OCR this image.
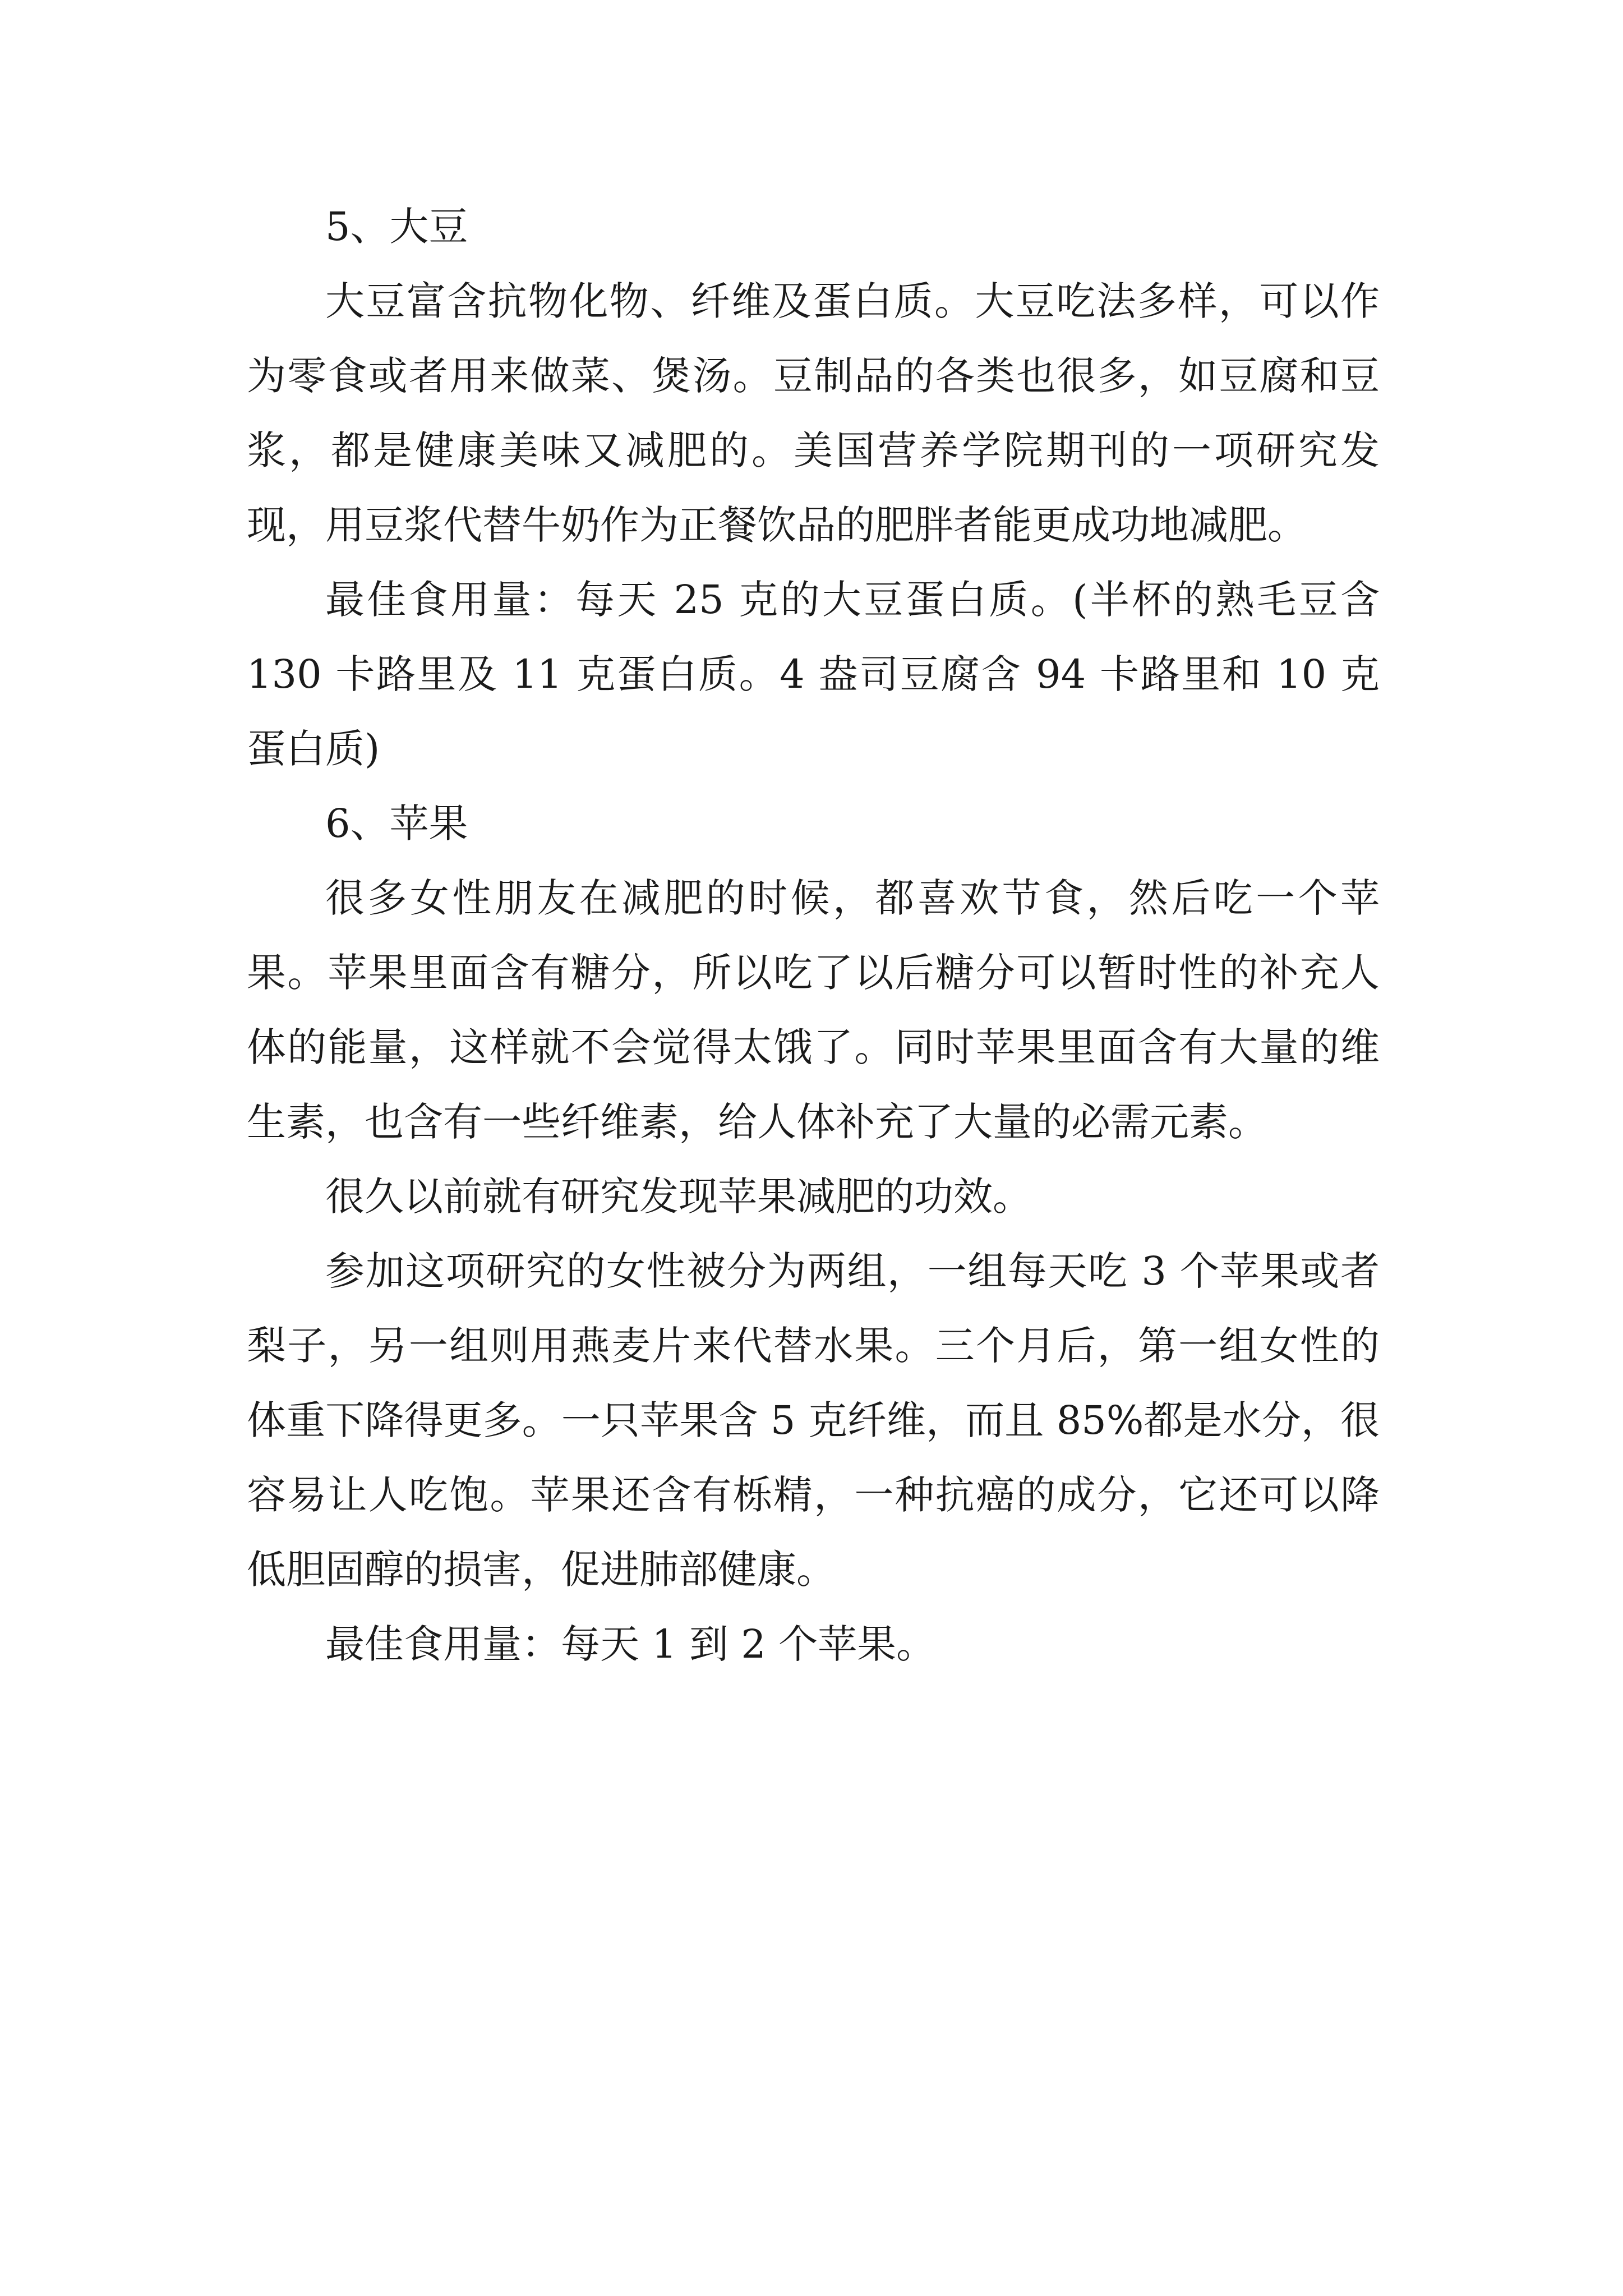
5、大豆

大豆富含抗物化物、纤维及蛋白质。大豆吃法多样，可以作为零食或者用来做菜、煲汤。豆制品的各类也很多，如豆腐和豆浆，都是健康美味又减肥的。美国营养学院期刊的一项研究发现，用豆浆代替牛奶作为正餐饮品的肥胖者能更成功地减肥。

最佳食用量：每天 25 克的大豆蛋白质。(半杯的熟毛豆含 130 卡路里及 11 克蛋白质。4 盎司豆腐含 94 卡路里和 10 克蛋白质)

6、苹果

很多女性朋友在减肥的时候，都喜欢节食，然后吃一个苹果。苹果里面含有糖分，所以吃了以后糖分可以暂时性的补充人体的能量，这样就不会觉得太饿了。同时苹果里面含有大量的维生素，也含有一些纤维素，给人体补充了大量的必需元素。

很久以前就有研究发现苹果减肥的功效。

参加这项研究的女性被分为两组，一组每天吃 3 个苹果或者梨子，另一组则用燕麦片来代替水果。三个月后，第一组女性的体重下降得更多。一只苹果含 5 克纤维，而且 85%都是水分，很容易让人吃饱。苹果还含有栎精，一种抗癌的成分，它还可以降低胆固醇的损害，促进肺部健康。

最佳食用量：每天 1 到 2 个苹果。
